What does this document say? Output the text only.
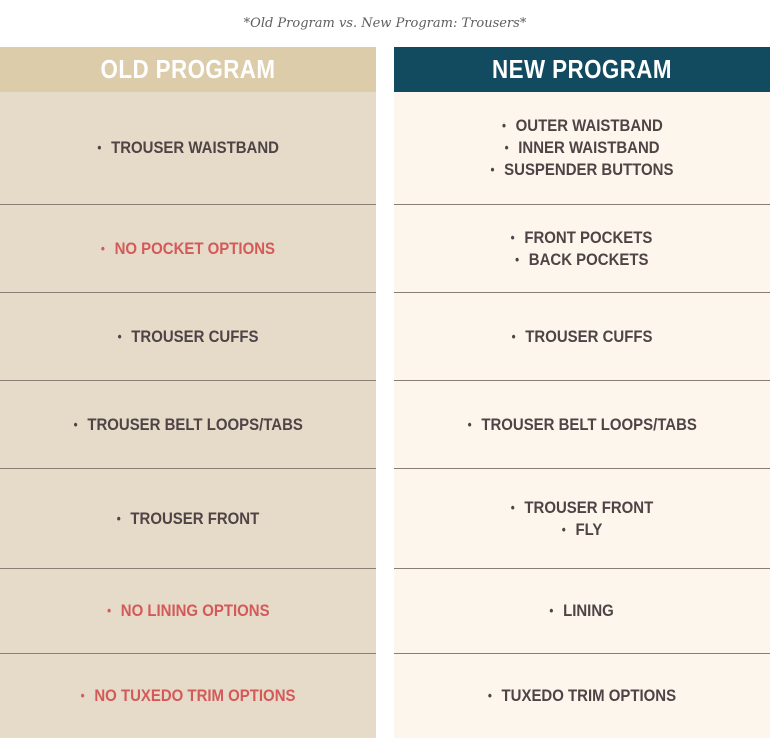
*Old Program vs. New Program: Trousers*
OLD PROGRAM
• TROUSER WAISTBAND
• NO POCKET OPTIONS
• TROUSER CUFFS
• TROUSER BELT LOOPS/TABS
• TROUSER FRONT
• NO LINING OPTIONS
• NO TUXEDO TRIM OPTIONS
NEW PROGRAM
• OUTER WAISTBAND
• INNER WAISTBAND
• SUSPENDER BUTTONS
• FRONT POCKETS
• BACK POCKETS
• TROUSER CUFFS
• TROUSER BELT LOOPS/TABS
• TROUSER FRONT
• FLY
• LINING
• TUXEDO TRIM OPTIONS
